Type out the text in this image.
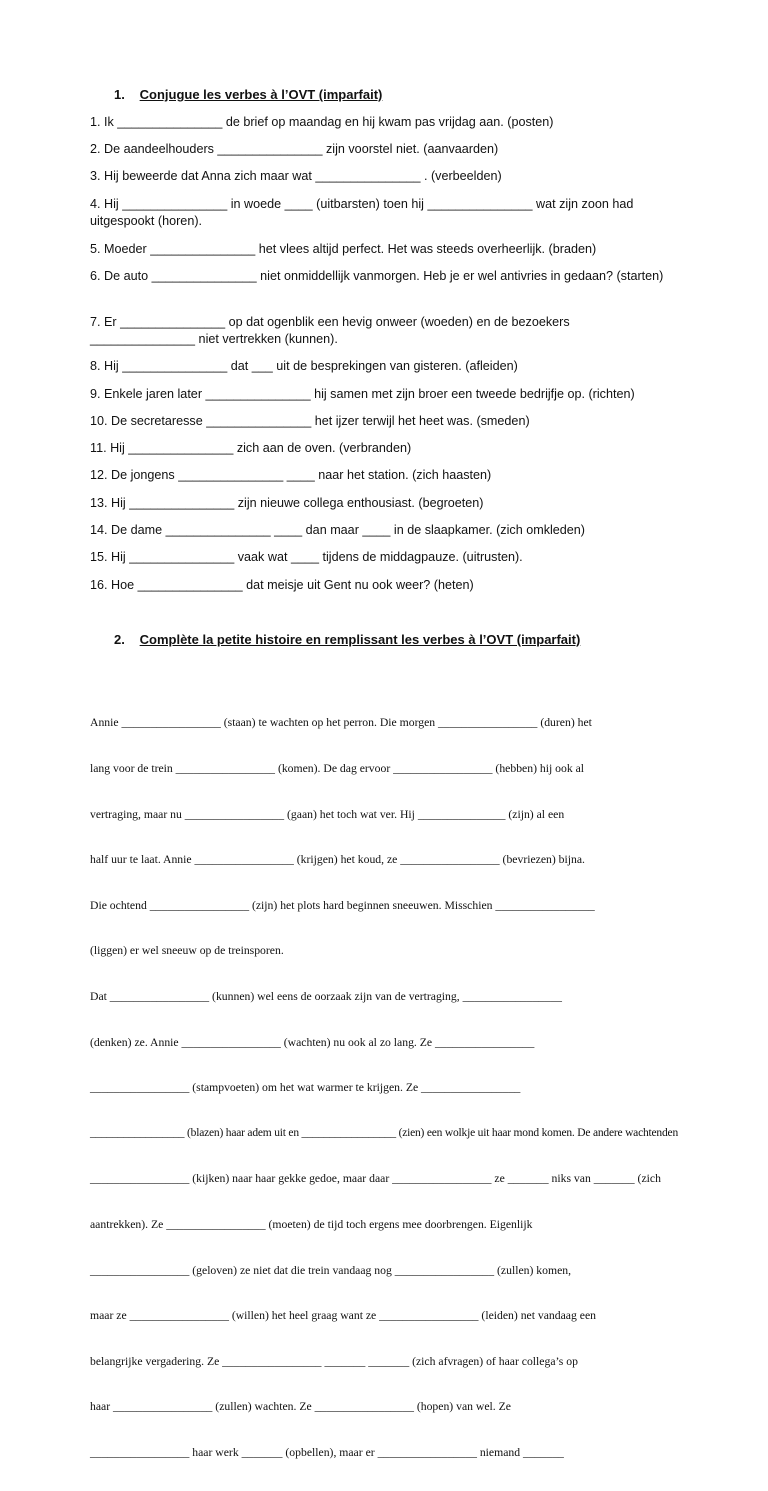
1. Conjugue les verbes à l’OVT (imparfait)
1. Ik _______________ de brief op maandag en hij kwam pas vrijdag aan. (posten)
2. De aandeelhouders _______________ zijn voorstel niet. (aanvaarden)
3. Hij beweerde dat Anna zich maar wat _______________ . (verbeelden)
4. Hij _______________ in woede ____ (uitbarsten) toen hij _______________ wat zijn zoon had uitgespookt (horen).
5. Moeder _______________ het vlees altijd perfect. Het was steeds overheerlijk. (braden)
6. De auto _______________ niet onmiddellijk vanmorgen. Heb je er wel antivries in gedaan? (starten)
7. Er _______________ op dat ogenblik een hevig onweer (woeden) en de bezoekers _______________ niet vertrekken (kunnen).
8. Hij _______________ dat ___ uit de besprekingen van gisteren. (afleiden)
9. Enkele jaren later _______________ hij samen met zijn broer een tweede bedrijfje op. (richten)
10. De secretaresse _______________ het ijzer terwijl het heet was. (smeden)
11. Hij _______________ zich aan de oven. (verbranden)
12. De jongens _______________ ____ naar het station. (zich haasten)
13. Hij _______________ zijn nieuwe collega enthousiast. (begroeten)
14. De dame _______________ ____ dan maar ____ in de slaapkamer. (zich omkleden)
15. Hij _______________ vaak wat ____ tijdens de middagpauze. (uitrusten).
16. Hoe _______________ dat meisje uit Gent nu ook weer? (heten)
2. Complète la petite histoire en remplissant les verbes à l’OVT (imparfait)

Annie _________________ (staan) te wachten op het perron. Die morgen _________________ (duren) het

lang voor de trein _________________ (komen). De dag ervoor _________________ (hebben) hij ook al

vertraging, maar nu _________________ (gaan) het toch wat ver. Hij _______________ (zijn) al een

half uur te laat. Annie _________________ (krijgen) het koud, ze _________________ (bevriezen) bijna.

Die ochtend _________________ (zijn) het plots hard beginnen sneeuwen. Misschien _________________

(liggen) er wel sneeuw op de treinsporen.

Dat _________________ (kunnen) wel eens de oorzaak zijn van de vertraging, _________________

(denken) ze. Annie _________________ (wachten) nu ook al zo lang. Ze _________________

_________________ (stampvoeten) om het wat warmer te krijgen. Ze _________________

_________________ (blazen) haar adem uit en _________________ (zien) een wolkje uit haar mond komen. De andere wachtenden

_________________ (kijken) naar haar gekke gedoe, maar daar _________________ ze _______ niks van _______ (zich

aantrekken). Ze _________________ (moeten) de tijd toch ergens mee doorbrengen. Eigenlijk

_________________ (geloven) ze niet dat die trein vandaag nog _________________ (zullen) komen,

maar ze _________________ (willen) het heel graag want ze _________________ (leiden) net vandaag een

belangrijke vergadering. Ze _________________ _______ _______ (zich afvragen) of haar collega’s op

haar _________________ (zullen) wachten. Ze _________________ (hopen) van wel. Ze

_________________ haar werk _______ (opbellen), maar er _________________ niemand _______
